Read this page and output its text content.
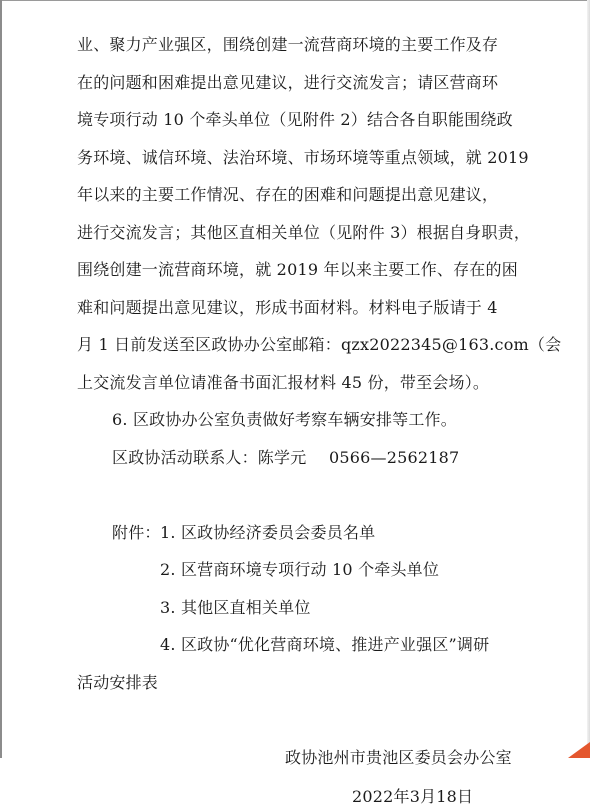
业、聚力产业强区，围绕创建一流营商环境的主要工作及存
在的问题和困难提出意见建议，进行交流发言；请区营商环
境专项行动 10 个牵头单位（见附件 2）结合各自职能围绕政
务环境、诚信环境、法治环境、市场环境等重点领域，就 2019
年以来的主要工作情况、存在的困难和问题提出意见建议，
进行交流发言；其他区直相关单位（见附件 3）根据自身职责，
围绕创建一流营商环境，就 2019 年以来主要工作、存在的困
难和问题提出意见建议，形成书面材料。材料电子版请于 4
月 1 日前发送至区政协办公室邮箱：qzx2022345@163.com（会
上交流发言单位请准备书面汇报材料 45 份，带至会场）。
6. 区政协办公室负责做好考察车辆安排等工作。
区政协活动联系人：陈学元 0566—2562187
附件： 1. 区政协经济委员会委员名单
2. 区营商环境专项行动 10 个牵头单位
3. 其他区直相关单位
4. 区政协“优化营商环境、推进产业强区”调研
活动安排表
政协池州市贵池区委员会办公室
2022年3月18日
